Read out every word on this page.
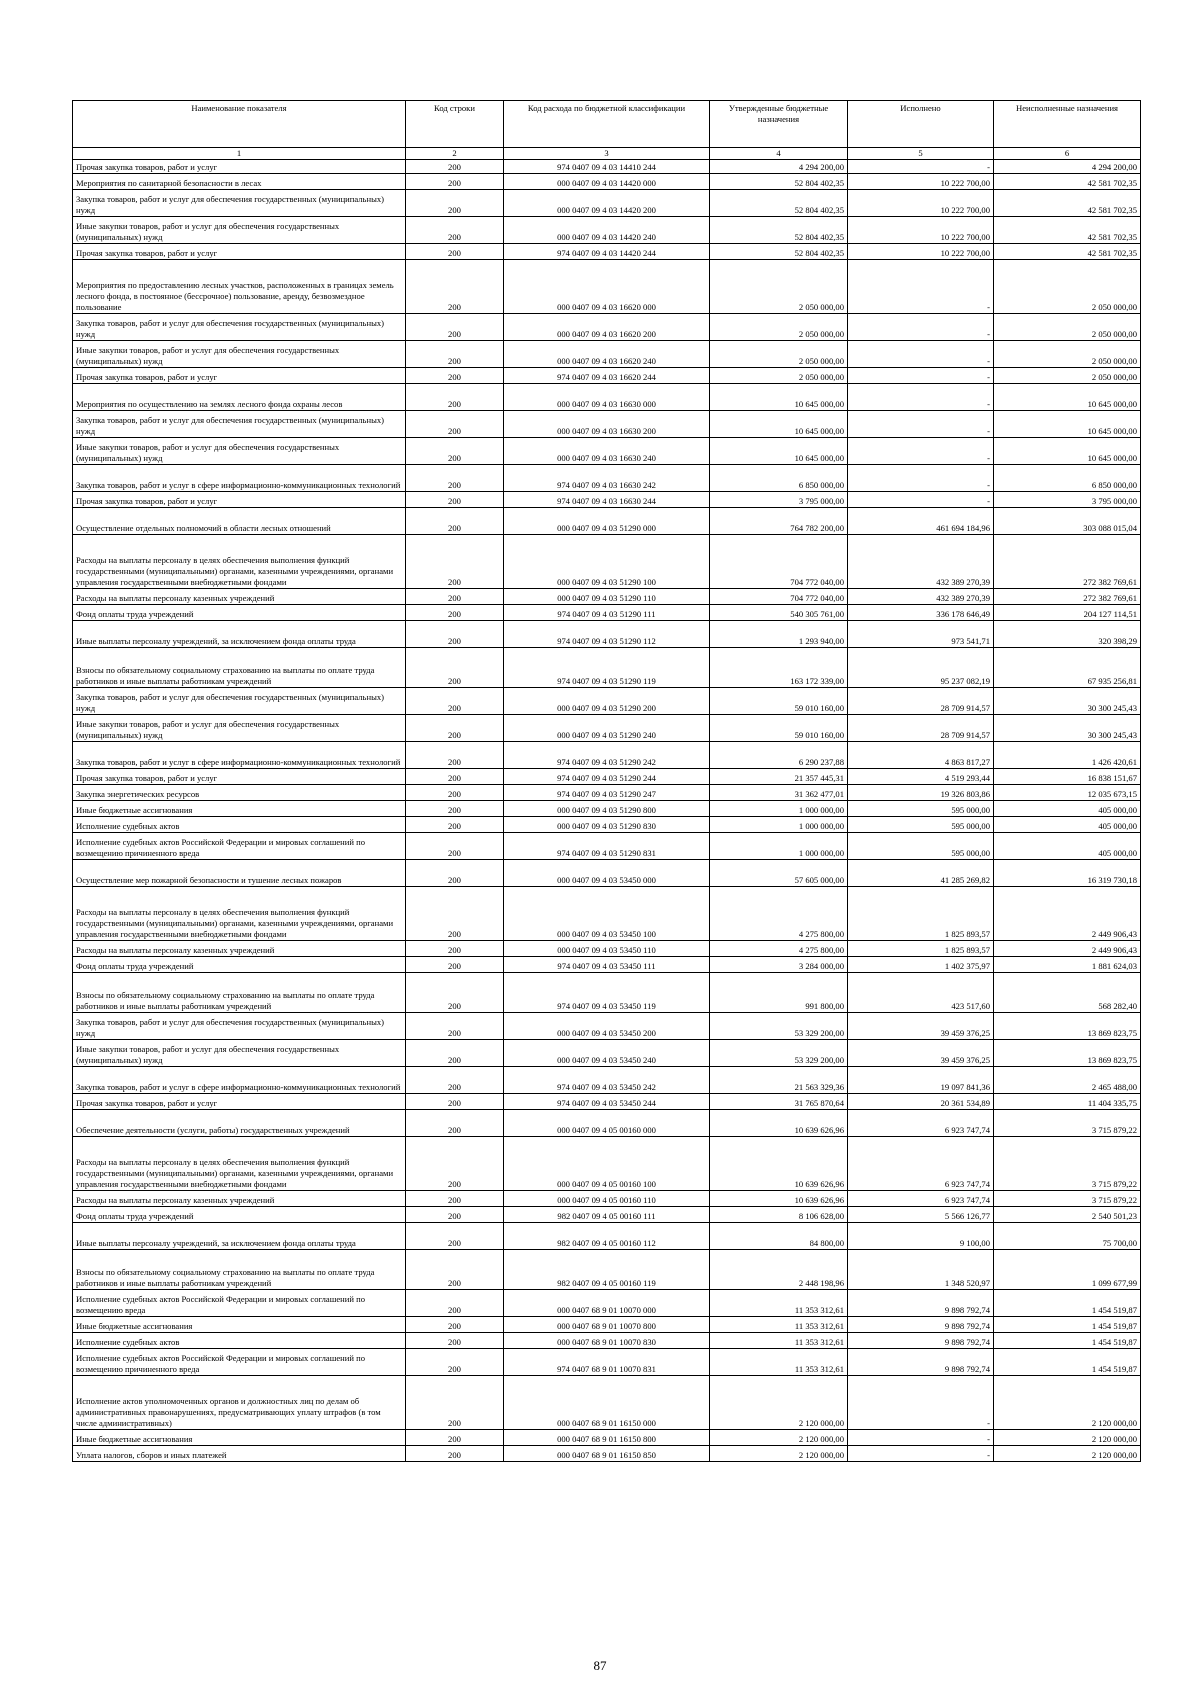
Наименование показателя	Код строки	Код расхода по бюджетной классификации	Утвержденные бюджетные назначения	Исполнено	Неисполненные назначения
1	2	3	4	5	6
Прочая закупка товаров, работ и услуг	200	974 0407 09 4 03 14410 244	4 294 200,00	-	4 294 200,00
Мероприятия по санитарной безопасности в лесах	200	000 0407 09 4 03 14420 000	52 804 402,35	10 222 700,00	42 581 702,35
Закупка товаров, работ и услуг для обеспечения государственных (муниципальных) нужд	200	000 0407 09 4 03 14420 200	52 804 402,35	10 222 700,00	42 581 702,35
Иные закупки товаров, работ и услуг для обеспечения государственных (муниципальных) нужд	200	000 0407 09 4 03 14420 240	52 804 402,35	10 222 700,00	42 581 702,35
Прочая закупка товаров, работ и услуг	200	974 0407 09 4 03 14420 244	52 804 402,35	10 222 700,00	42 581 702,35
Мероприятия по предоставлению лесных участков, расположенных в границах земель лесного фонда, в постоянное (бессрочное) пользование, аренду, безвозмездное пользование	200	000 0407 09 4 03 16620 000	2 050 000,00	-	2 050 000,00
Закупка товаров, работ и услуг для обеспечения государственных (муниципальных) нужд	200	000 0407 09 4 03 16620 200	2 050 000,00	-	2 050 000,00
Иные закупки товаров, работ и услуг для обеспечения государственных (муниципальных) нужд	200	000 0407 09 4 03 16620 240	2 050 000,00	-	2 050 000,00
Прочая закупка товаров, работ и услуг	200	974 0407 09 4 03 16620 244	2 050 000,00	-	2 050 000,00
Мероприятия по осуществлению на землях лесного фонда охраны лесов	200	000 0407 09 4 03 16630 000	10 645 000,00	-	10 645 000,00
Закупка товаров, работ и услуг для обеспечения государственных (муниципальных) нужд	200	000 0407 09 4 03 16630 200	10 645 000,00	-	10 645 000,00
Иные закупки товаров, работ и услуг для обеспечения государственных (муниципальных) нужд	200	000 0407 09 4 03 16630 240	10 645 000,00	-	10 645 000,00
Закупка товаров, работ и услуг в сфере информационно-коммуникационных технологий	200	974 0407 09 4 03 16630 242	6 850 000,00	-	6 850 000,00
Прочая закупка товаров, работ и услуг	200	974 0407 09 4 03 16630 244	3 795 000,00	-	3 795 000,00
Осуществление отдельных полномочий в области лесных отношений	200	000 0407 09 4 03 51290 000	764 782 200,00	461 694 184,96	303 088 015,04
Расходы на выплаты персоналу в целях обеспечения выполнения функций государственными (муниципальными) органами, казенными учреждениями, органами управления государственными внебюджетными фондами	200	000 0407 09 4 03 51290 100	704 772 040,00	432 389 270,39	272 382 769,61
Расходы на выплаты персоналу казенных учреждений	200	000 0407 09 4 03 51290 110	704 772 040,00	432 389 270,39	272 382 769,61
Фонд оплаты труда учреждений	200	974 0407 09 4 03 51290 111	540 305 761,00	336 178 646,49	204 127 114,51
Иные выплаты персоналу учреждений, за исключением фонда оплаты труда	200	974 0407 09 4 03 51290 112	1 293 940,00	973 541,71	320 398,29
Взносы по обязательному социальному страхованию на выплаты по оплате труда работников и иные выплаты работникам учреждений	200	974 0407 09 4 03 51290 119	163 172 339,00	95 237 082,19	67 935 256,81
Закупка товаров, работ и услуг для обеспечения государственных (муниципальных) нужд	200	000 0407 09 4 03 51290 200	59 010 160,00	28 709 914,57	30 300 245,43
Иные закупки товаров, работ и услуг для обеспечения государственных (муниципальных) нужд	200	000 0407 09 4 03 51290 240	59 010 160,00	28 709 914,57	30 300 245,43
Закупка товаров, работ и услуг в сфере информационно-коммуникационных технологий	200	974 0407 09 4 03 51290 242	6 290 237,88	4 863 817,27	1 426 420,61
Прочая закупка товаров, работ и услуг	200	974 0407 09 4 03 51290 244	21 357 445,31	4 519 293,44	16 838 151,67
Закупка энергетических ресурсов	200	974 0407 09 4 03 51290 247	31 362 477,01	19 326 803,86	12 035 673,15
Иные бюджетные ассигнования	200	000 0407 09 4 03 51290 800	1 000 000,00	595 000,00	405 000,00
Исполнение судебных актов	200	000 0407 09 4 03 51290 830	1 000 000,00	595 000,00	405 000,00
Исполнение судебных актов Российской Федерации и мировых соглашений по возмещению причиненного вреда	200	974 0407 09 4 03 51290 831	1 000 000,00	595 000,00	405 000,00
Осуществление мер пожарной безопасности и тушение лесных пожаров	200	000 0407 09 4 03 53450 000	57 605 000,00	41 285 269,82	16 319 730,18
Расходы на выплаты персоналу в целях обеспечения выполнения функций государственными (муниципальными) органами, казенными учреждениями, органами управления государственными внебюджетными фондами	200	000 0407 09 4 03 53450 100	4 275 800,00	1 825 893,57	2 449 906,43
Расходы на выплаты персоналу казенных учреждений	200	000 0407 09 4 03 53450 110	4 275 800,00	1 825 893,57	2 449 906,43
Фонд оплаты труда учреждений	200	974 0407 09 4 03 53450 111	3 284 000,00	1 402 375,97	1 881 624,03
Взносы по обязательному социальному страхованию на выплаты по оплате труда работников и иные выплаты работникам учреждений	200	974 0407 09 4 03 53450 119	991 800,00	423 517,60	568 282,40
Закупка товаров, работ и услуг для обеспечения государственных (муниципальных) нужд	200	000 0407 09 4 03 53450 200	53 329 200,00	39 459 376,25	13 869 823,75
Иные закупки товаров, работ и услуг для обеспечения государственных (муниципальных) нужд	200	000 0407 09 4 03 53450 240	53 329 200,00	39 459 376,25	13 869 823,75
Закупка товаров, работ и услуг в сфере информационно-коммуникационных технологий	200	974 0407 09 4 03 53450 242	21 563 329,36	19 097 841,36	2 465 488,00
Прочая закупка товаров, работ и услуг	200	974 0407 09 4 03 53450 244	31 765 870,64	20 361 534,89	11 404 335,75
Обеспечение деятельности (услуги, работы) государственных учреждений	200	000 0407 09 4 05 00160 000	10 639 626,96	6 923 747,74	3 715 879,22
Расходы на выплаты персоналу в целях обеспечения выполнения функций государственными (муниципальными) органами, казенными учреждениями, органами управления государственными внебюджетными фондами	200	000 0407 09 4 05 00160 100	10 639 626,96	6 923 747,74	3 715 879,22
Расходы на выплаты персоналу казенных учреждений	200	000 0407 09 4 05 00160 110	10 639 626,96	6 923 747,74	3 715 879,22
Фонд оплаты труда учреждений	200	982 0407 09 4 05 00160 111	8 106 628,00	5 566 126,77	2 540 501,23
Иные выплаты персоналу учреждений, за исключением фонда оплаты труда	200	982 0407 09 4 05 00160 112	84 800,00	9 100,00	75 700,00
Взносы по обязательному социальному страхованию на выплаты по оплате труда работников и иные выплаты работникам учреждений	200	982 0407 09 4 05 00160 119	2 448 198,96	1 348 520,97	1 099 677,99
Исполнение судебных актов Российской Федерации и мировых соглашений по возмещению вреда	200	000 0407 68 9 01 10070 000	11 353 312,61	9 898 792,74	1 454 519,87
Иные бюджетные ассигнования	200	000 0407 68 9 01 10070 800	11 353 312,61	9 898 792,74	1 454 519,87
Исполнение судебных актов	200	000 0407 68 9 01 10070 830	11 353 312,61	9 898 792,74	1 454 519,87
Исполнение судебных актов Российской Федерации и мировых соглашений по возмещению причиненного вреда	200	974 0407 68 9 01 10070 831	11 353 312,61	9 898 792,74	1 454 519,87
Исполнение актов уполномоченных органов и должностных лиц по делам об административных правонарушениях, предусматривающих уплату штрафов (в том числе административных)	200	000 0407 68 9 01 16150 000	2 120 000,00	-	2 120 000,00
Иные бюджетные ассигнования	200	000 0407 68 9 01 16150 800	2 120 000,00	-	2 120 000,00
Уплата налогов, сборов и иных платежей	200	000 0407 68 9 01 16150 850	2 120 000,00	-	2 120 000,00
87
